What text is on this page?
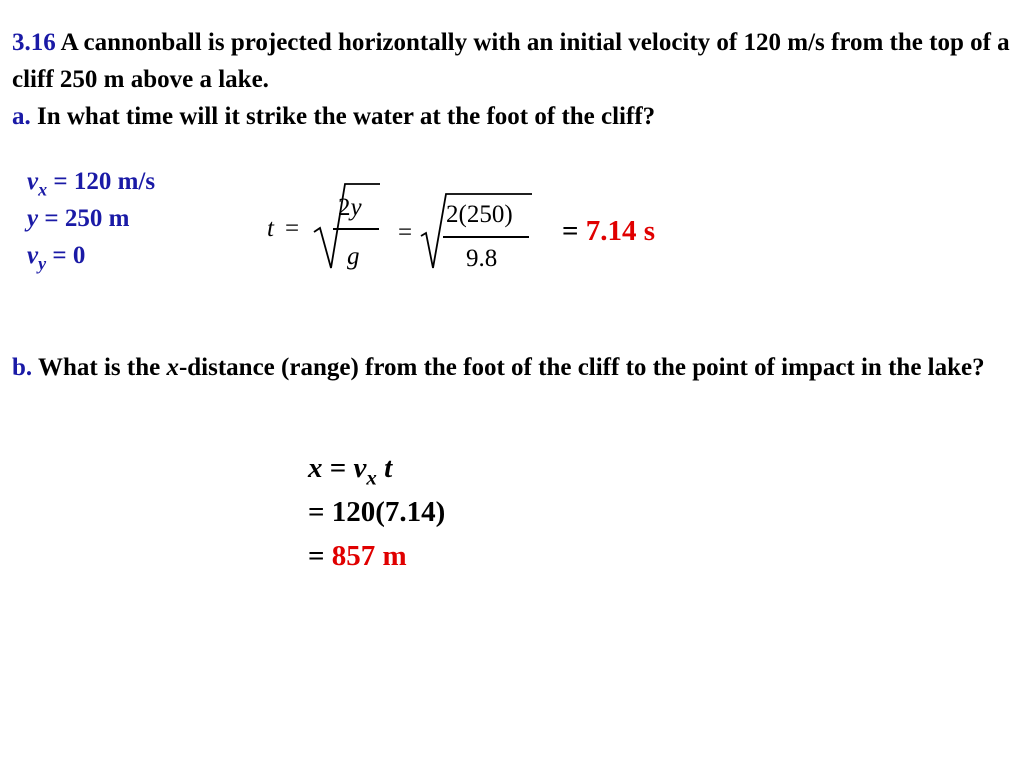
3.16 A cannonball is projected horizontally with an initial velocity of 120 m/s from the top of a cliff 250 m above a lake.

a. In what time will it strike the water at the foot of the cliff?

$v_x = 120$ m/s
y = 250 m
$v_y = 0$
t =
2y
g
=
2(250)
9.8
= 7.14 s
b. What is the x-distance (range) from the foot of the cliff to the point of impact in the lake?
$x = v_x$ t
= 120(7.14)
= 857 m
